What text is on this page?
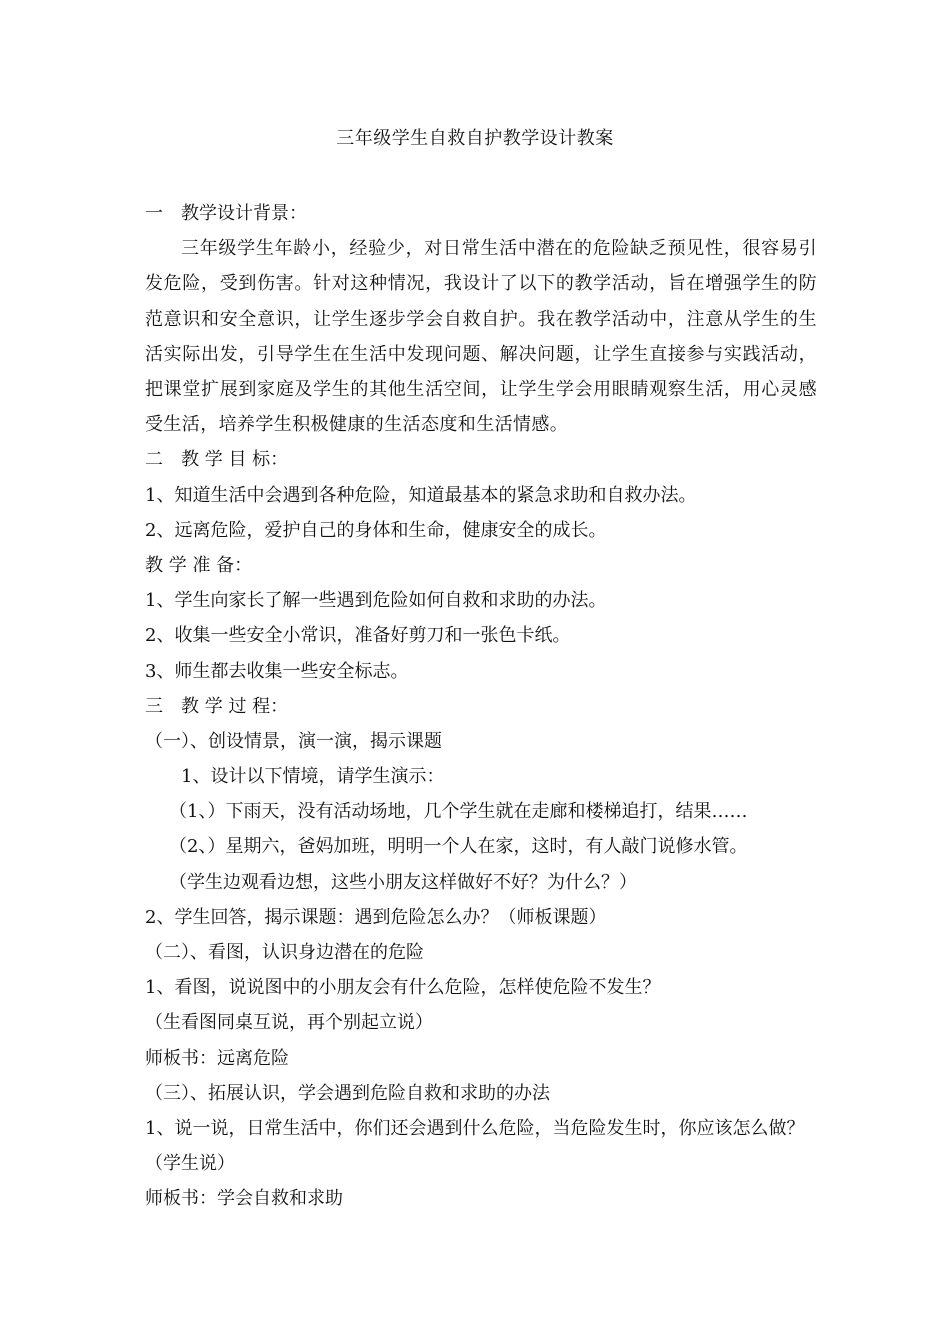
三年级学生自救自护教学设计教案
一　教学设计背景：

三年级学生年龄小，经验少，对日常生活中潜在的危险缺乏预见性，很容易引发危险，受到伤害。针对这种情况，我设计了以下的教学活动，旨在增强学生的防范意识和安全意识，让学生逐步学会自救自护。我在教学活动中，注意从学生的生活实际出发，引导学生在生活中发现问题、解决问题，让学生直接参与实践活动，把课堂扩展到家庭及学生的其他生活空间，让学生学会用眼睛观察生活，用心灵感受生活，培养学生积极健康的生活态度和生活情感。

二　教 学 目 标：
1、知道生活中会遇到各种危险，知道最基本的紧急求助和自救办法。
2、远离危险，爱护自己的身体和生命，健康安全的成长。
教 学 准 备：
1、学生向家长了解一些遇到危险如何自救和求助的办法。
2、收集一些安全小常识，准备好剪刀和一张色卡纸。
3、师生都去收集一些安全标志。
三　教 学 过 程：
（一）、创设情景，演一演，揭示课题
1、设计以下情境，请学生演示：
（1、）下雨天，没有活动场地，几个学生就在走廊和楼梯追打，结果……
（2、）星期六，爸妈加班，明明一个人在家，这时，有人敲门说修水管。
（学生边观看边想，这些小朋友这样做好不好？为什么？）
2、学生回答，揭示课题：遇到危险怎么办？（师板课题）
（二）、看图，认识身边潜在的危险
1、看图，说说图中的小朋友会有什么危险，怎样使危险不发生？
（生看图同桌互说，再个别起立说）
师板书：远离危险
（三）、拓展认识，学会遇到危险自救和求助的办法
1、说一说，日常生活中，你们还会遇到什么危险，当危险发生时，你应该怎么做？
（学生说）
师板书：学会自救和求助
